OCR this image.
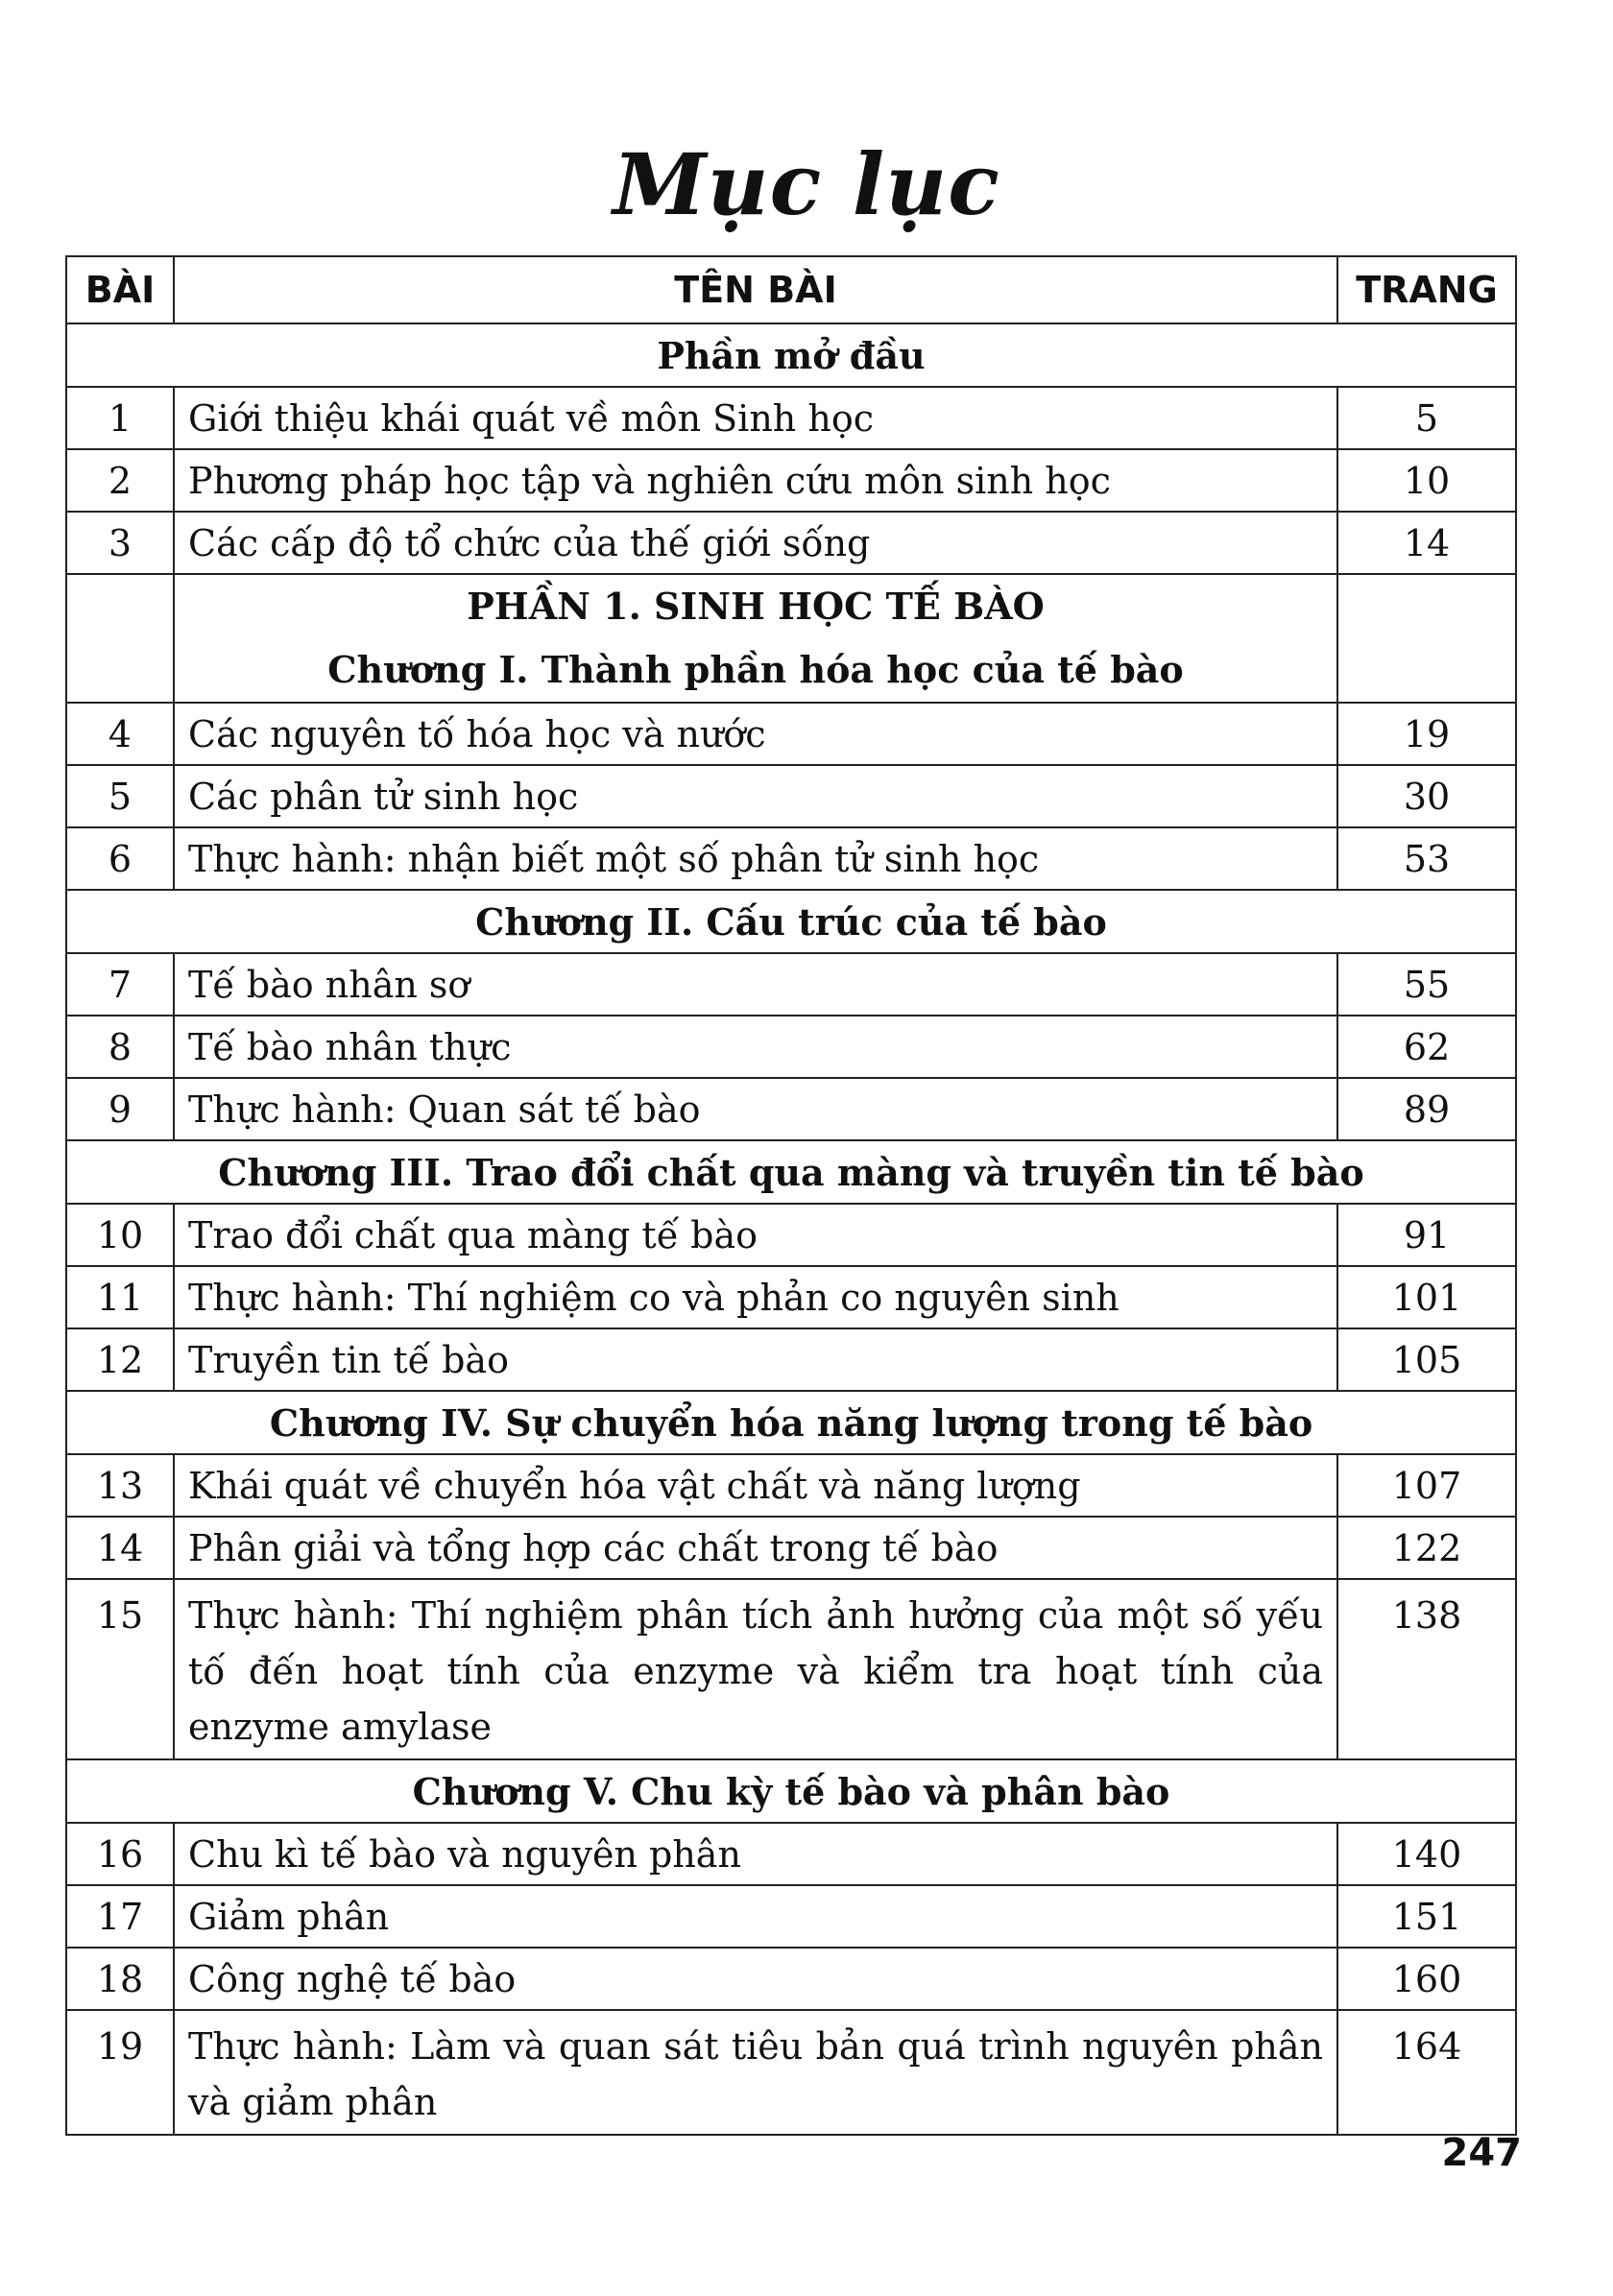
Mục lục
BÀI	TÊN BÀI	TRANG
Phần mở đầu		
1	Giới thiệu khái quát về môn Sinh học	5
2	Phương pháp học tập và nghiên cứu môn sinh học	10
3	Các cấp độ tổ chức của thế giới sống	14

	PHẦN 1. SINH HỌC TẾ BÀO
Chương I. Thành phần hóa học của tế bào	

4	Các nguyên tố hóa học và nước	19
5	Các phân tử sinh học	30
6	Thực hành: nhận biết một số phân tử sinh học	53
Chương II. Cấu trúc của tế bào		
7	Tế bào nhân sơ	55
8	Tế bào nhân thực	62
9	Thực hành: Quan sát tế bào	89
Chương III. Trao đổi chất qua màng và truyền tin tế bào		
10	Trao đổi chất qua màng tế bào	91
11	Thực hành: Thí nghiệm co và phản co nguyên sinh	101
12	Truyền tin tế bào	105
Chương IV. Sự chuyển hóa năng lượng trong tế bào		
13	Khái quát về chuyển hóa vật chất và năng lượng	107
14	Phân giải và tổng hợp các chất trong tế bào	122
15	Thực hành: Thí nghiệm phân tích ảnh hưởng của một số yếu tố đến hoạt tính của enzyme và kiểm tra hoạt tính của enzyme amylase	138
Chương V. Chu kỳ tế bào và phân bào		
16	Chu kì tế bào và nguyên phân	140
17	Giảm phân	151
18	Công nghệ tế bào	160
19	Thực hành: Làm và quan sát tiêu bản quá trình nguyên phân và giảm phân	164
247
